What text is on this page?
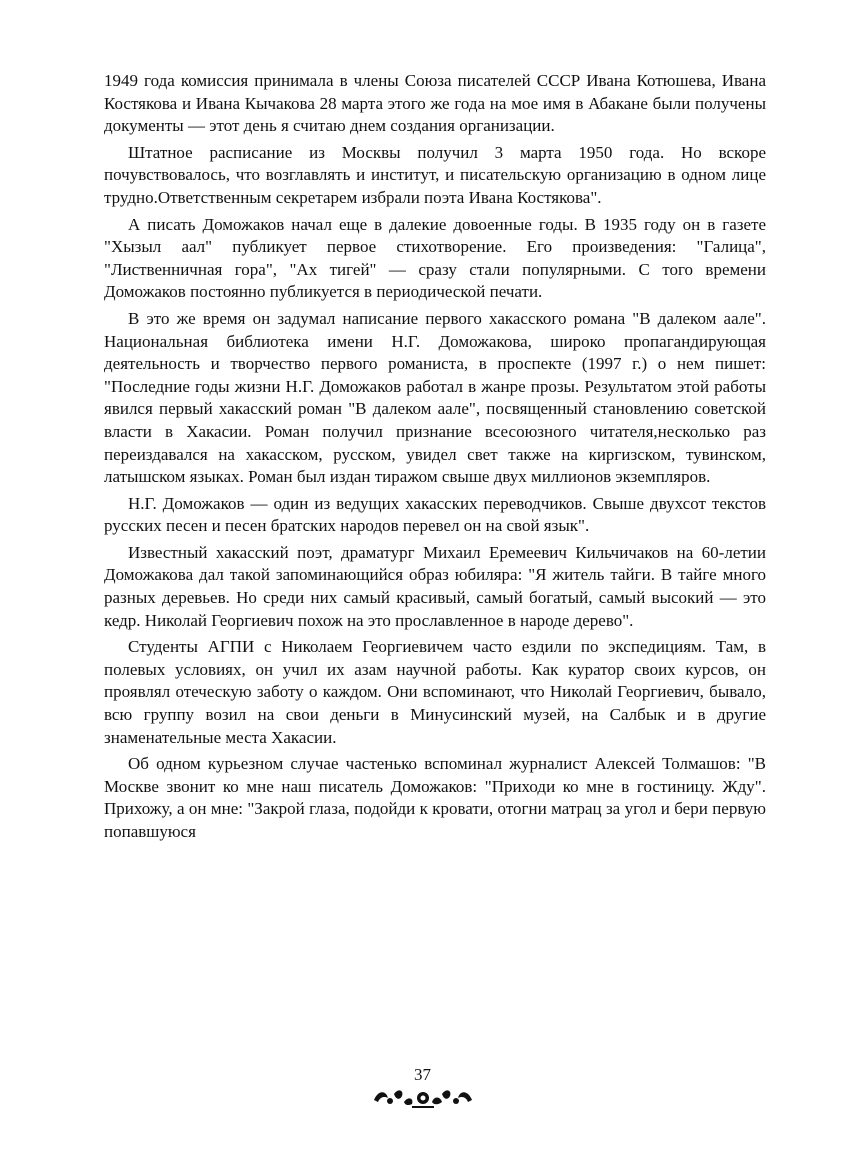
1949 года комиссия принимала в члены Союза писателей СССР Ивана Котюшева, Ивана Костякова и Ивана Кычакова 28 марта этого же года на мое имя в Абакане были получены документы — этот день я считаю днем создания организации.

Штатное расписание из Москвы получил 3 марта 1950 года. Но вскоре почувствовалось, что возглавлять и институт, и писательскую организацию в одном лице трудно.Ответственным секретарем избрали поэта Ивана Костякова".

А писать Доможаков начал еще в далекие довоенные годы. В 1935 году он в газете "Хызыл аал" публикует первое стихотворение. Его произведения: "Галица", "Лиственничная гора", "Ах тигей" — сразу стали популярными. С того времени Доможаков постоянно публикуется в периодической печати.

В это же время он задумал написание первого хакасского романа "В далеком аале". Национальная библиотека имени Н.Г. Доможакова, широко пропагандирующая деятельность и творчество первого романиста, в проспекте (1997 г.) о нем пишет: "Последние годы жизни Н.Г. Доможаков работал в жанре прозы. Результатом этой работы явился первый хакасский роман "В далеком аале", посвященный становлению советской власти в Хакасии. Роман получил признание всесоюзного читателя,несколько раз переиздавался на хакасском, русском, увидел свет также на киргизском, тувинском, латышском языках. Роман был издан тиражом свыше двух миллионов экземпляров.

Н.Г. Доможаков — один из ведущих хакасских переводчиков. Свыше двухсот текстов русских песен и песен братских народов перевел он на свой язык".

Известный хакасский поэт, драматург Михаил Еремеевич Кильчичаков на 60-летии Доможакова дал такой запоминающийся образ юбиляра: "Я житель тайги. В тайге много разных деревьев. Но среди них самый красивый, самый богатый, самый высокий — это кедр. Николай Георгиевич похож на это прославленное в народе дерево".

Студенты АГПИ с Николаем Георгиевичем часто ездили по экспедициям. Там, в полевых условиях, он учил их азам научной работы. Как куратор своих курсов, он проявлял отеческую заботу о каждом. Они вспоминают, что Николай Георгиевич, бывало, всю группу возил на свои деньги в Минусинский музей, на Салбык и в другие знаменательные места Хакасии.

Об одном курьезном случае частенько вспоминал журналист Алексей Толмашов: "В Москве звонит ко мне наш писатель Доможаков: "Приходи ко мне в гостиницу. Жду". Прихожу, а он мне: "Закрой глаза, подойди к кровати, отогни матрац за угол и бери первую попавшуюся

37
